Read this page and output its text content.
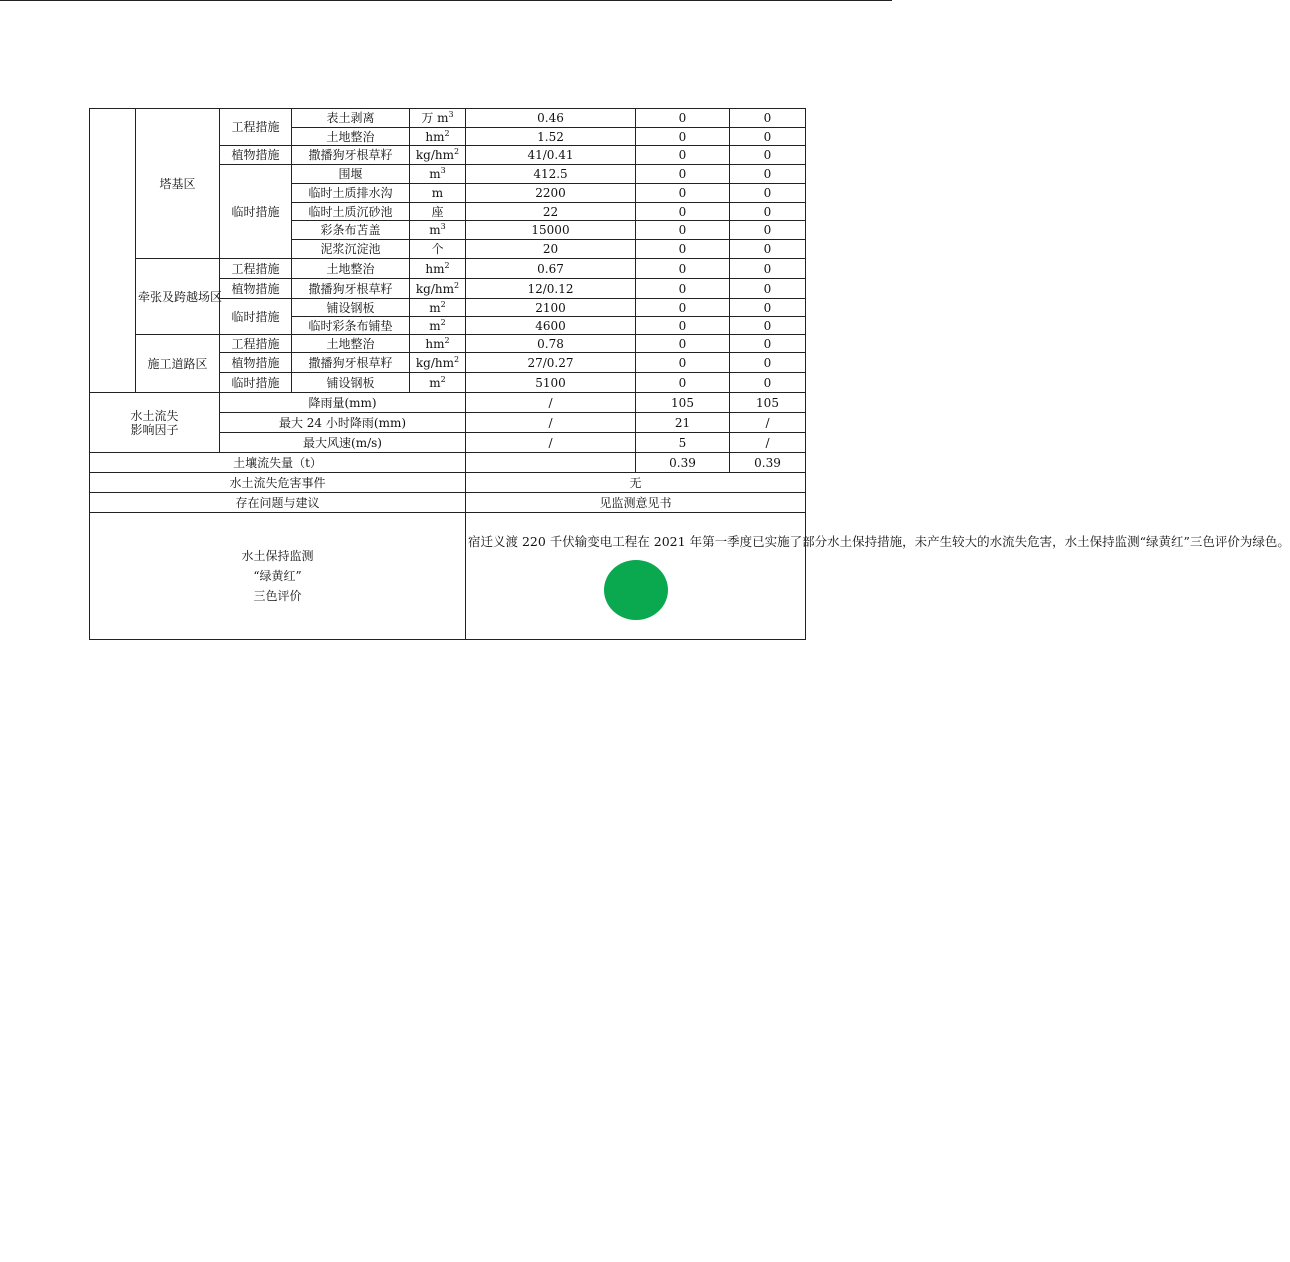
	塔基区	工程措施	表土剥离	万 $m^3$	0.46	0	0
			土地整治	$hm^2$	1.52	0	0
		植物措施	撒播狗牙根草籽	$kg/hm^2$	41/0.41	0	0
		临时措施	围堰	$m^3$	412.5	0	0
			临时土质排水沟	m	2200	0	0
			临时土质沉砂池	座	22	0	0
			彩条布苫盖	$m^3$	15000	0	0
			泥浆沉淀池	个	20	0	0
	牵张及跨越场区	工程措施	土地整治	$hm^2$	0.67	0	0
		植物措施	撒播狗牙根草籽	$kg/hm^2$	12/0.12	0	0
		临时措施	铺设钢板	$m^2$	2100	0	0
			临时彩条布铺垫	$m^2$	4600	0	0
	施工道路区	工程措施	土地整治	$hm^2$	0.78	0	0
		植物措施	撒播狗牙根草籽	$kg/hm^2$	27/0.27	0	0
		临时措施	铺设钢板	$m^2$	5100	0	0

水土流失
影响因子		降雨量(mm)			/	105	105
		最大 24 小时降雨(mm)			/	21	/
		最大风速(m/s)			/	5	/
土壤流失量（t）						0.39	0.39
水土流失危害事件					无		
存在问题与建议					见监测意见书		

水土保持监测
“绿黄红”
三色评价					宿迁义渡 220 千伏输变电工程在 2021 年第一季度已实施了部分水土保持措施，未产生较大的水流失危害，水土保持监测“绿黄红”三色评价为绿色。		
